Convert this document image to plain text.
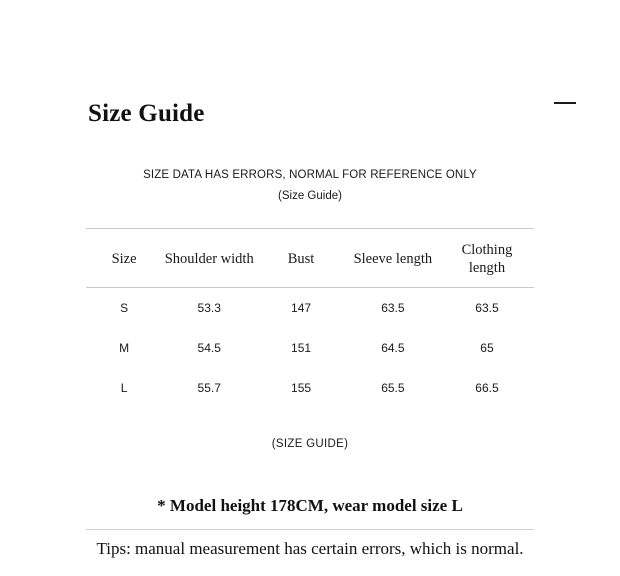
Size Guide
SIZE DATA HAS ERRORS, NORMAL FOR REFERENCE ONLY
(Size Guide)
Size	Shoulder width	Bust	Sleeve length	Clothing length
S	53.3	147	63.5	63.5
M	54.5	151	64.5	65
L	55.7	155	65.5	66.5
(SIZE GUIDE)
* Model height 178CM, wear model size L
Tips: manual measurement has certain errors, which is normal.
